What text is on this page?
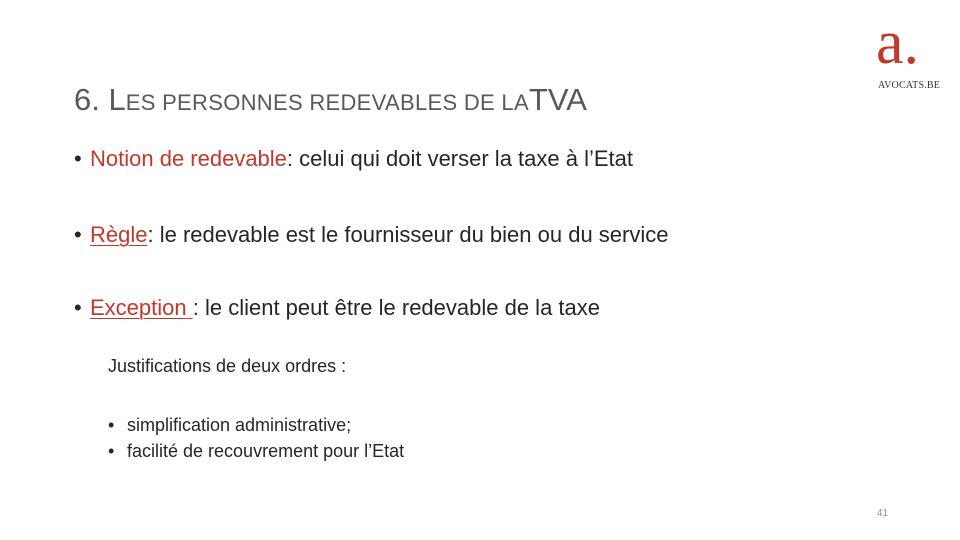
6. LES PERSONNES REDEVABLES DE LATVA
a.
AVOCATS.BE
• Notion de redevable: celui qui doit verser la taxe à l’Etat
• Règle: le redevable est le fournisseur du bien ou du service
• Exception : le client peut être le redevable de la taxe
Justifications de deux ordres :
• simplification administrative;
• facilité de recouvrement pour l’Etat
41
